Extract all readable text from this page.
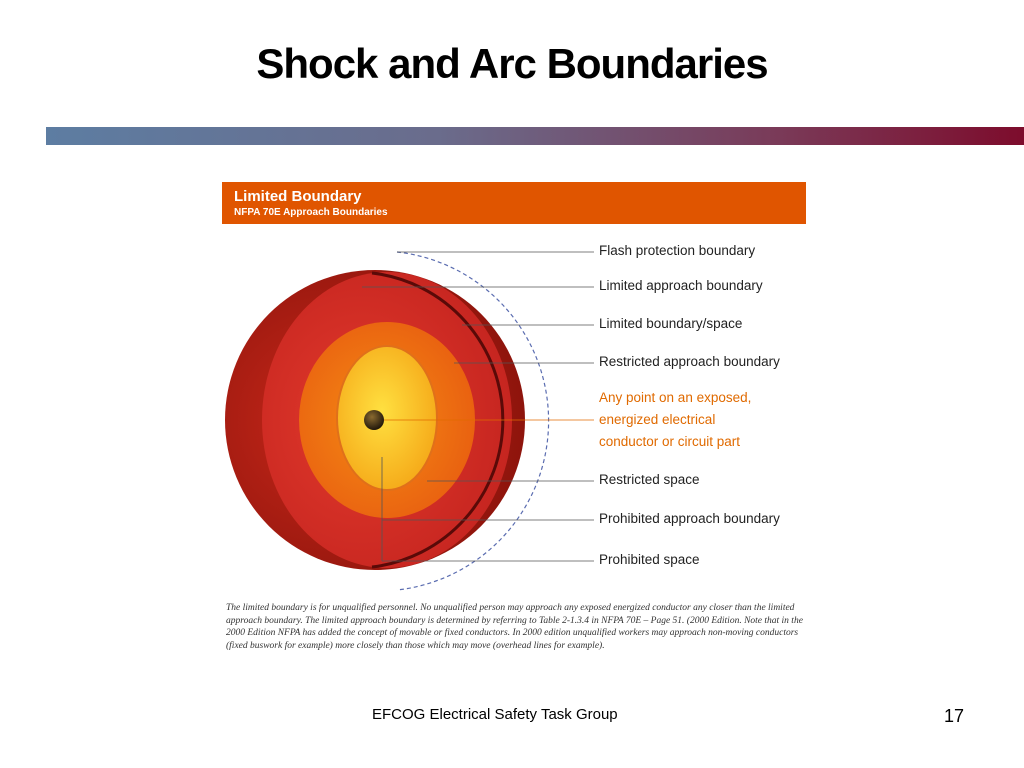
Shock and Arc Boundaries
Limited Boundary
NFPA 70E Approach Boundaries
Flash protection boundary
Limited approach boundary
Limited boundary/space
Restricted approach boundary
Any point on an exposed,
energized electrical
conductor or circuit part
Restricted space
Prohibited approach boundary
Prohibited space
The limited boundary is for unqualified personnel. No unqualified person may approach any exposed energized conductor any closer than the limited approach boundary. The limited approach boundary is determined by referring to Table 2-1.3.4 in NFPA 70E – Page 51. (2000 Edition. Note that in the 2000 Edition NFPA has added the concept of movable or fixed conductors. In 2000 edition unqualified workers may approach non-moving conductors (fixed buswork for example) more closely than those which may move (overhead lines for example).
EFCOG Electrical Safety Task Group	17
